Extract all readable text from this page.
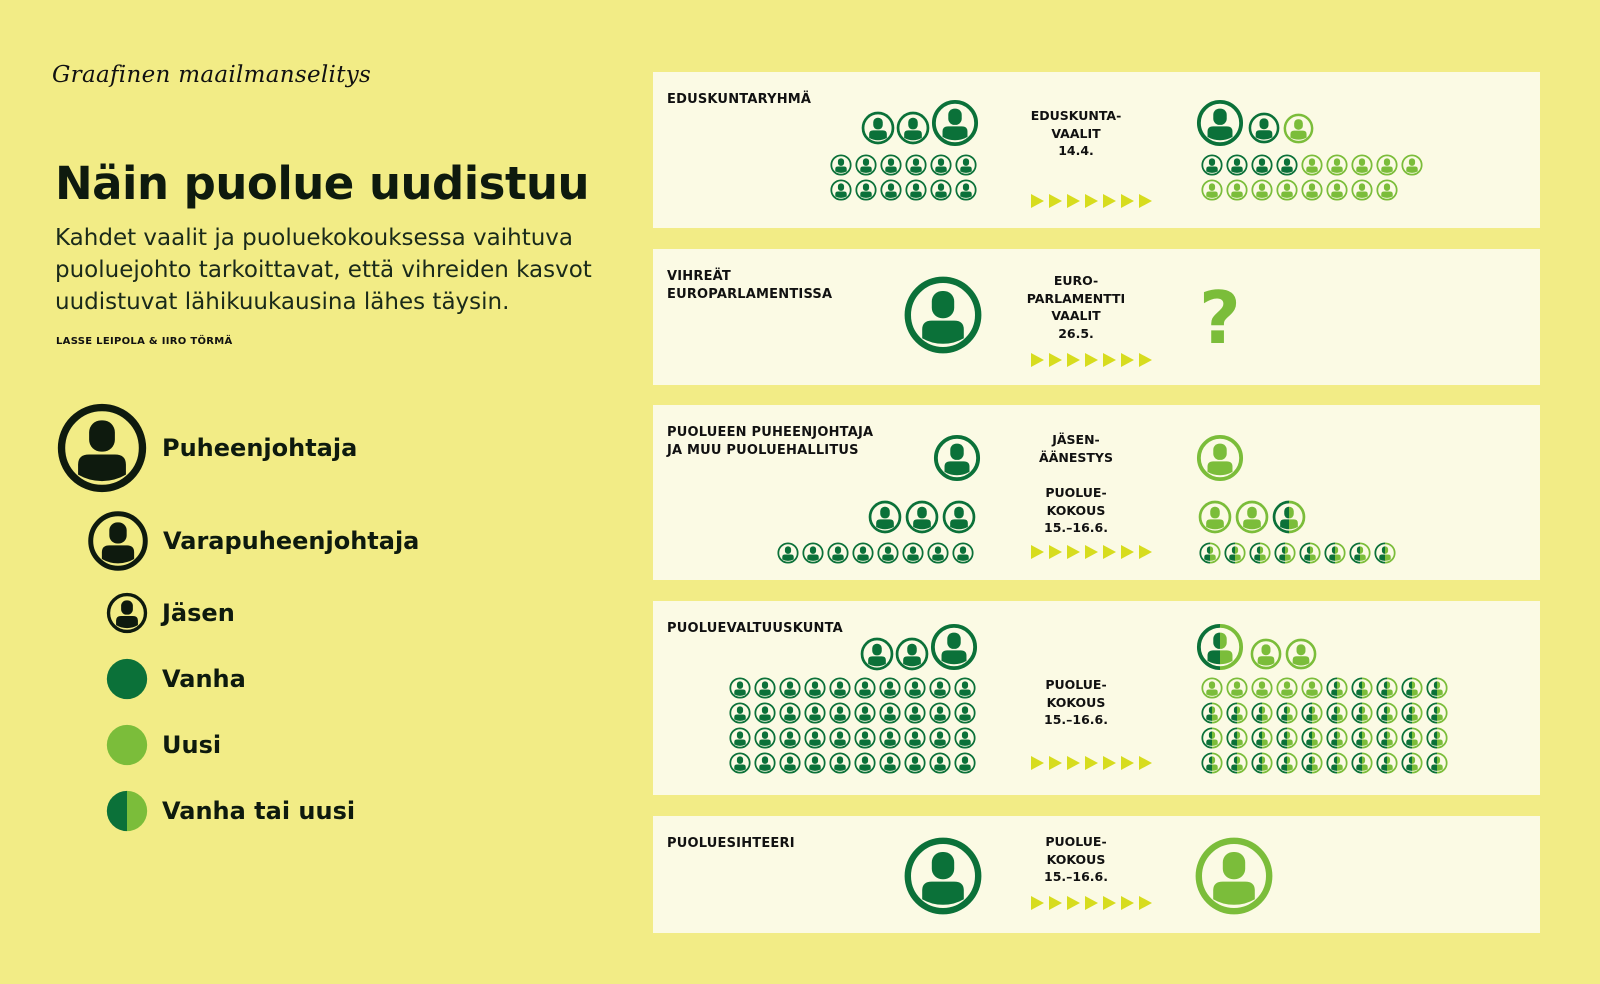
Graafinen maailmanselitys
Näin puolue uudistuu

Kahdet vaalit ja puoluekokouksessa vaihtuva puoluejohto tarkoittavat, että vihreiden kasvot uudistuvat lähikuukausina lähes täysin.

LASSE LEIPOLA & IIRO TÖRMÄ
Puheenjohtaja
Varapuheenjohtaja
Jäsen
Vanha
Uusi
Vanha tai uusi
EDUSKUNTARYHMÄ
EDUSKUNTA-
VAALIT
14.4.
VIHREÄT
EUROPARLAMENTISSA
EURO-
PARLAMENTTI
VAALIT
26.5.	?
PUOLUEEN PUHEENJOHTAJA
JA MUU PUOLUEHALLITUS
JÄSEN-
ÄÄNESTYS
PUOLUE-
KOKOUS
15.–16.6.
PUOLUEVALTUUSKUNTA
PUOLUE-
KOKOUS
15.–16.6.
PUOLUESIHTEERI	PUOLUE-
KOKOUS
15.–16.6.
